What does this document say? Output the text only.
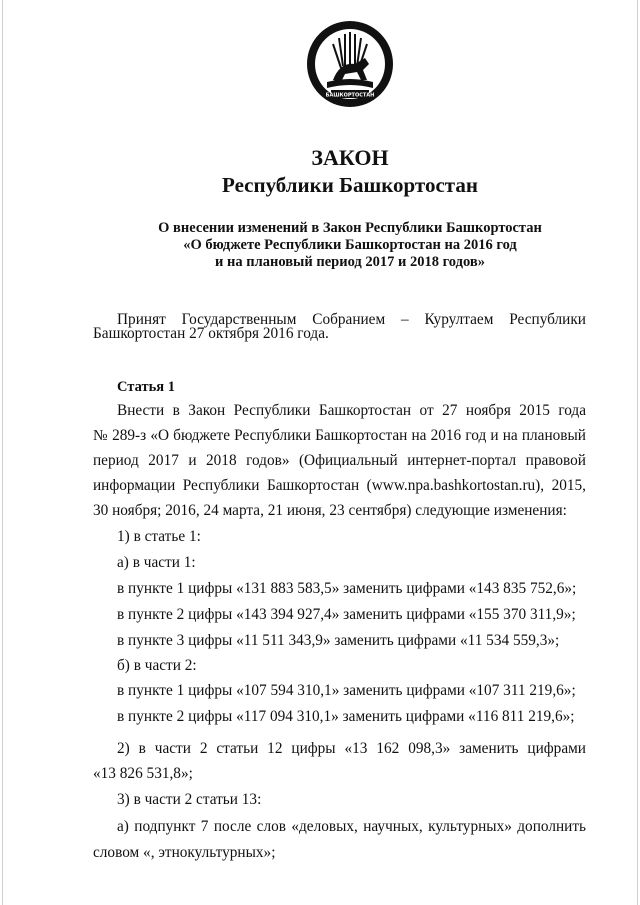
БАШКОРТОСТАН
ЗАКОН
Республики Башкортостан
О внесении изменений в Закон Республики Башкортостан
«О бюджете Республики Башкортостан на 2016 год
и на плановый период 2017 и 2018 годов»
Принят Государственным Собранием – Курултаем Республики
Башкортостан 27 октября 2016 года.
Статья 1
Внести в Закон Республики Башкортостан от 27 ноября 2015 года
№ 289-з «О бюджете Республики Башкортостан на 2016 год и на плановый
период 2017 и 2018 годов» (Официальный интернет-портал правовой
информации Республики Башкортостан (www.npa.bashkortostan.ru), 2015,
30 ноября; 2016, 24 марта, 21 июня, 23 сентября) следующие изменения:
1) в статье 1:
а) в части 1:
в пункте 1 цифры «131 883 583,5» заменить цифрами «143 835 752,6»;
в пункте 2 цифры «143 394 927,4» заменить цифрами «155 370 311,9»;
в пункте 3 цифры «11 511 343,9» заменить цифрами «11 534 559,3»;
б) в части 2:
в пункте 1 цифры «107 594 310,1» заменить цифрами «107 311 219,6»;
в пункте 2 цифры «117 094 310,1» заменить цифрами «116 811 219,6»;
2) в части 2 статьи 12 цифры «13 162 098,3» заменить цифрами
«13 826 531,8»;
3) в части 2 статьи 13:
а) подпункт 7 после слов «деловых, научных, культурных» дополнить
словом «, этнокультурных»;
